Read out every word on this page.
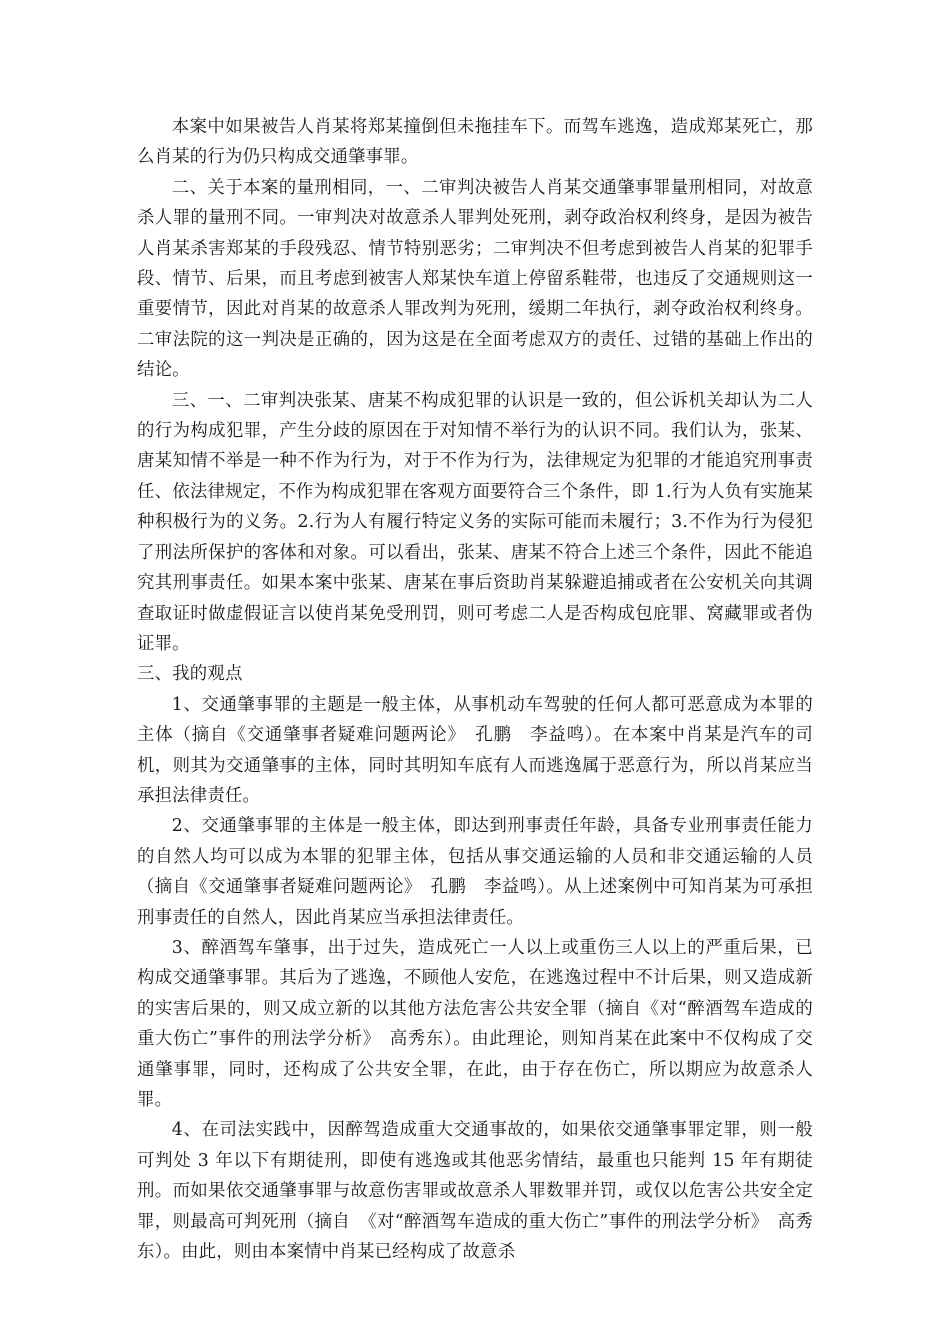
本案中如果被告人肖某将郑某撞倒但未拖挂车下。而驾车逃逸，造成郑某死亡，那么肖某的行为仍只构成交通肇事罪。

二、关于本案的量刑相同，一、二审判决被告人肖某交通肇事罪量刑相同，对故意杀人罪的量刑不同。一审判决对故意杀人罪判处死刑，剥夺政治权利终身，是因为被告人肖某杀害郑某的手段残忍、情节特别恶劣；二审判决不但考虑到被告人肖某的犯罪手段、情节、后果，而且考虑到被害人郑某快车道上停留系鞋带，也违反了交通规则这一重要情节，因此对肖某的故意杀人罪改判为死刑，缓期二年执行，剥夺政治权利终身。二审法院的这一判决是正确的，因为这是在全面考虑双方的责任、过错的基础上作出的结论。

三、一、二审判决张某、唐某不构成犯罪的认识是一致的，但公诉机关却认为二人的行为构成犯罪，产生分歧的原因在于对知情不举行为的认识不同。我们认为，张某、唐某知情不举是一种不作为行为，对于不作为行为，法律规定为犯罪的才能追究刑事责任、依法律规定，不作为构成犯罪在客观方面要符合三个条件，即 1.行为人负有实施某种积极行为的义务。2.行为人有履行特定义务的实际可能而未履行；3.不作为行为侵犯了刑法所保护的客体和对象。可以看出，张某、唐某不符合上述三个条件，因此不能追究其刑事责任。如果本案中张某、唐某在事后资助肖某躲避追捕或者在公安机关向其调查取证时做虚假证言以使肖某免受刑罚，则可考虑二人是否构成包庇罪、窝藏罪或者伪证罪。

三、我的观点

1、交通肇事罪的主题是一般主体，从事机动车驾驶的任何人都可恶意成为本罪的主体（摘自《交通肇事者疑难问题两论》　孔鹏　李益鸣）。在本案中肖某是汽车的司机，则其为交通肇事的主体，同时其明知车底有人而逃逸属于恶意行为，所以肖某应当承担法律责任。

2、交通肇事罪的主体是一般主体，即达到刑事责任年龄，具备专业刑事责任能力的自然人均可以成为本罪的犯罪主体，包括从事交通运输的人员和非交通运输的人员（摘自《交通肇事者疑难问题两论》　孔鹏　李益鸣）。从上述案例中可知肖某为可承担刑事责任的自然人，因此肖某应当承担法律责任。

3、醉酒驾车肇事，出于过失，造成死亡一人以上或重伤三人以上的严重后果，已构成交通肇事罪。其后为了逃逸，不顾他人安危，在逃逸过程中不计后果，则又造成新的实害后果的，则又成立新的以其他方法危害公共安全罪（摘自《对“醉酒驾车造成的重大伤亡”事件的刑法学分析》　高秀东）。由此理论，则知肖某在此案中不仅构成了交通肇事罪，同时，还构成了公共安全罪，在此，由于存在伤亡，所以期应为故意杀人罪。

4、在司法实践中，因醉驾造成重大交通事故的，如果依交通肇事罪定罪，则一般可判处 3 年以下有期徒刑，即使有逃逸或其他恶劣情结，最重也只能判 15 年有期徒刑。而如果依交通肇事罪与故意伤害罪或故意杀人罪数罪并罚，或仅以危害公共安全定罪，则最高可判死刑（摘自　《对“醉酒驾车造成的重大伤亡”事件的刑法学分析》　高秀东）。由此，则由本案情中肖某已经构成了故意杀
